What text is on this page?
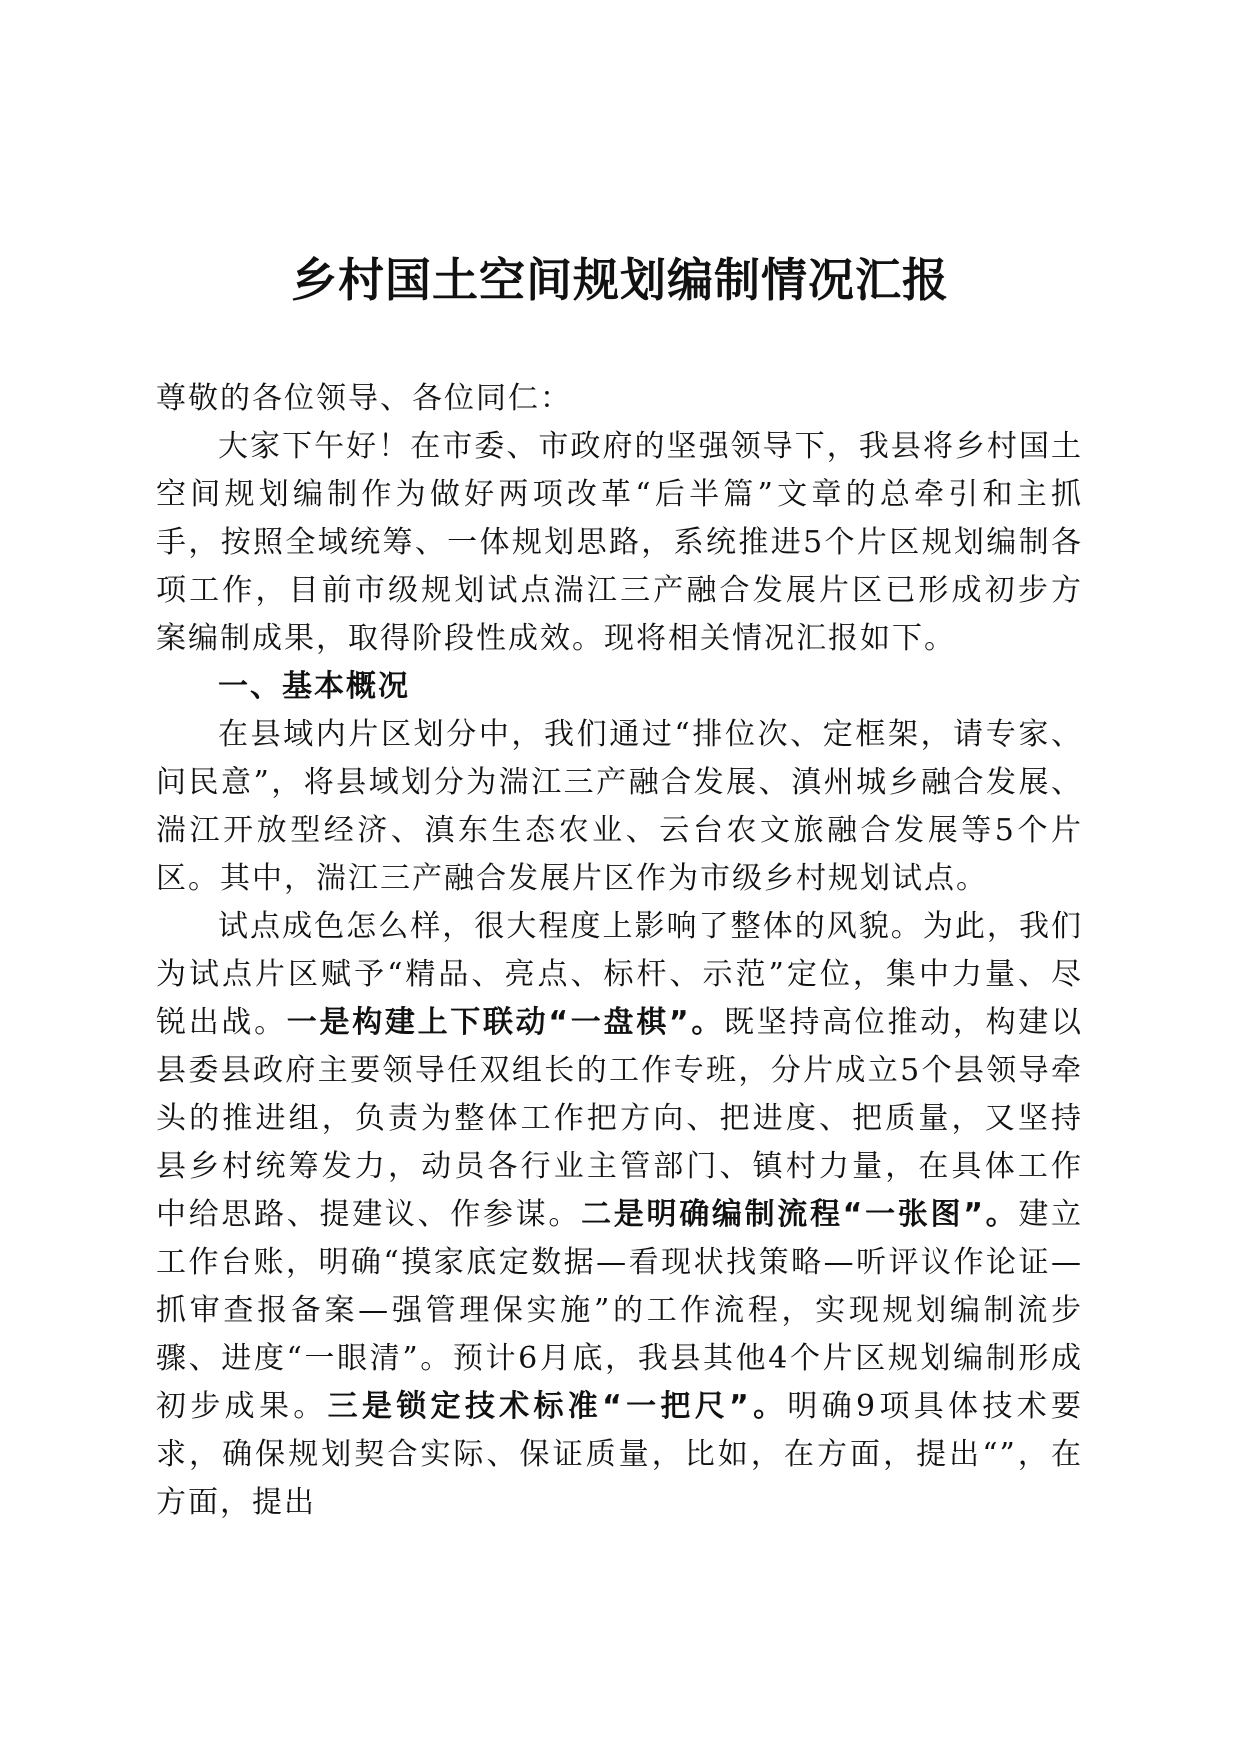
乡村国土空间规划编制情况汇报

尊敬的各位领导、各位同仁：

大家下午好！在市委、市政府的坚强领导下，我县将乡村国土空间规划编制作为做好两项改革“后半篇”文章的总牵引和主抓手，按照全域统筹、一体规划思路，系统推进5个片区规划编制各项工作，目前市级规划试点湍江三产融合发展片区已形成初步方案编制成果，取得阶段性成效。现将相关情况汇报如下。

一、基本概况

在县域内片区划分中，我们通过“排位次、定框架，请专家、问民意”，将县域划分为湍江三产融合发展、滇州城乡融合发展、湍江开放型经济、滇东生态农业、云台农文旅融合发展等5个片区。其中，湍江三产融合发展片区作为市级乡村规划试点。

试点成色怎么样，很大程度上影响了整体的风貌。为此，我们为试点片区赋予“精品、亮点、标杆、示范”定位，集中力量、尽锐出战。一是构建上下联动“一盘棋”。既坚持高位推动，构建以县委县政府主要领导任双组长的工作专班，分片成立5个县领导牵头的推进组，负责为整体工作把方向、把进度、把质量，又坚持县乡村统筹发力，动员各行业主管部门、镇村力量，在具体工作中给思路、提建议、作参谋。二是明确编制流程“一张图”。建立工作台账，明确“摸家底定数据—看现状找策略—听评议作论证—抓审查报备案—强管理保实施”的工作流程，实现规划编制流步骤、进度“一眼清”。预计6月底，我县其他4个片区规划编制形成初步成果。三是锁定技术标准“一把尺”。明确9项具体技术要求，确保规划契合实际、保证质量，比如，在方面，提出“”，在方面，提出
